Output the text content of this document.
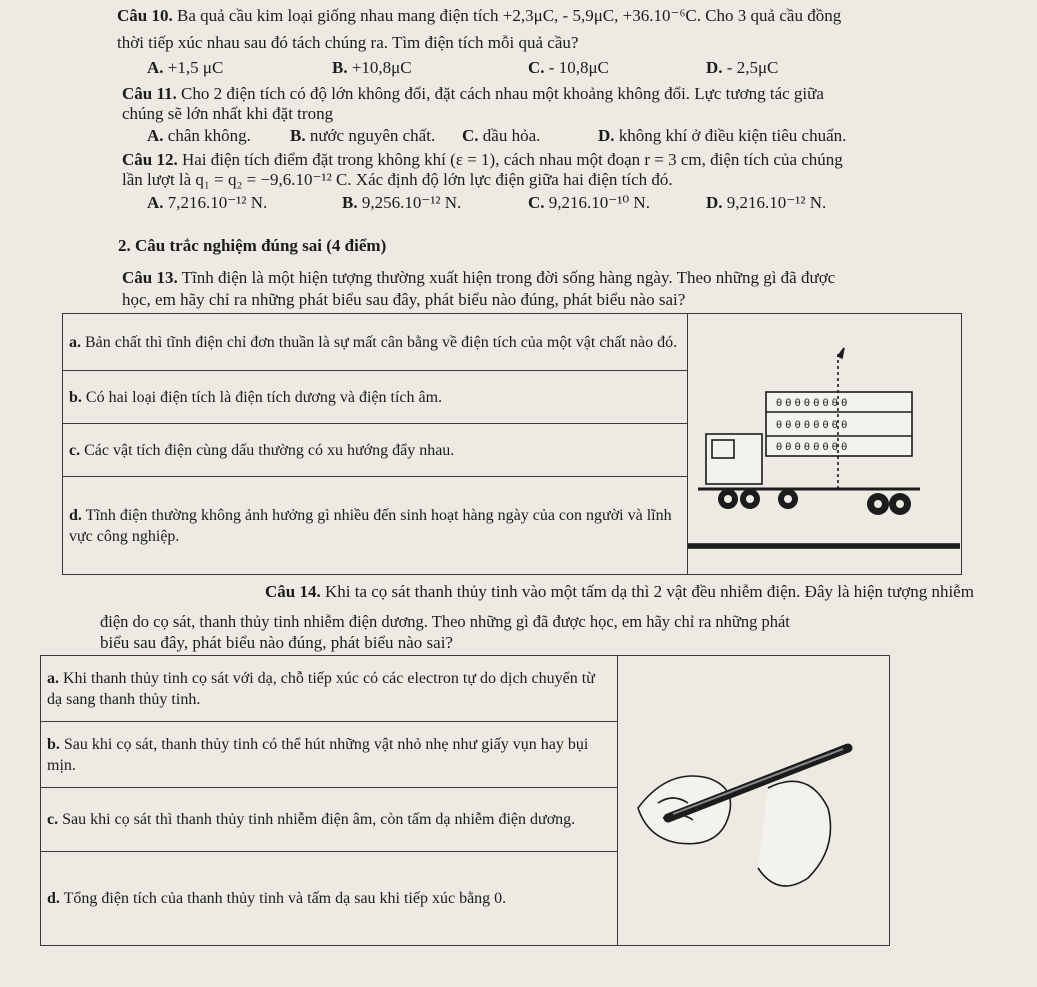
Câu 10. Ba quả cầu kim loại giống nhau mang điện tích +2,3μC, - 5,9μC, +36.10⁻⁶C. Cho 3 quả cầu đồng
thời tiếp xúc nhau sau đó tách chúng ra. Tìm điện tích mỗi quả cầu?
A. +1,5 μC	B. +10,8μC	C. - 10,8μC	D. - 2,5μC
Câu 11. Cho 2 điện tích có độ lớn không đổi, đặt cách nhau một khoảng không đổi. Lực tương tác giữa
chúng sẽ lớn nhất khi đặt trong
A. chân không. B. nước nguyên chất. C. dầu hỏa.	D. không khí ở điều kiện tiêu chuẩn.
Câu 12. Hai điện tích điểm đặt trong không khí (ε = 1), cách nhau một đoạn r = 3 cm, điện tích của chúng
lần lượt là q₁ = q₂ = −9,6.10⁻¹² C. Xác định độ lớn lực điện giữa hai điện tích đó.
A. 7,216.10⁻¹² N.	B. 9,256.10⁻¹² N.	C. 9,216.10⁻¹⁰ N.	D. 9,216.10⁻¹² N.
2. Câu trắc nghiệm đúng sai (4 điểm)
Câu 13. Tĩnh điện là một hiện tượng thường xuất hiện trong đời sống hàng ngày. Theo những gì đã được
học, em hãy chỉ ra những phát biểu sau đây, phát biểu nào đúng, phát biểu nào sai?
a. Bản chất thì tĩnh điện chỉ đơn thuần là sự mất cân bằng về điện tích của một vật chất nào đó.

θ θ θ θ θ θ θ θ
θ θ θ θ θ θ θ θ
θ θ θ θ θ θ θ θ

b. Có hai loại điện tích là điện tích dương và điện tích âm.

c. Các vật tích điện cùng dấu thường có xu hướng đẩy nhau.

d. Tĩnh điện thường không ảnh hưởng gì nhiều đến sinh hoạt hàng ngày của con người và lĩnh vực công nghiệp.
Câu 14. Khi ta cọ sát thanh thủy tinh vào một tấm dạ thì 2 vật đều nhiễm điện. Đây là hiện tượng nhiễm
điện do cọ sát, thanh thủy tinh nhiễm điện dương. Theo những gì đã được học, em hãy chỉ ra những phát
biểu sau đây, phát biểu nào đúng, phát biểu nào sai?
a. Khi thanh thủy tinh cọ sát với dạ, chỗ tiếp xúc có các electron tự do dịch chuyển từ dạ sang thanh thủy tinh.

b. Sau khi cọ sát, thanh thủy tinh có thể hút những vật nhỏ nhẹ như giấy vụn hay bụi mịn.

c. Sau khi cọ sát thì thanh thủy tinh nhiễm điện âm, còn tấm dạ nhiễm điện dương.

d. Tổng điện tích của thanh thủy tinh và tấm dạ sau khi tiếp xúc bằng 0.
